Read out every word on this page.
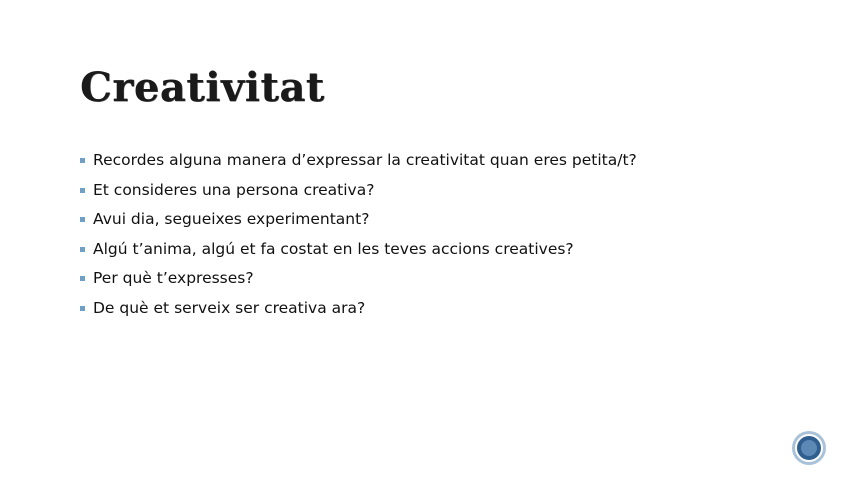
Creativitat
Recordes alguna manera d’expressar la creativitat quan eres petita/t?
Et consideres una persona creativa?
Avui dia, segueixes experimentant?
Algú t’anima, algú et fa costat en les teves accions creatives?
Per què t’expresses?
De què et serveix ser creativa ara?
